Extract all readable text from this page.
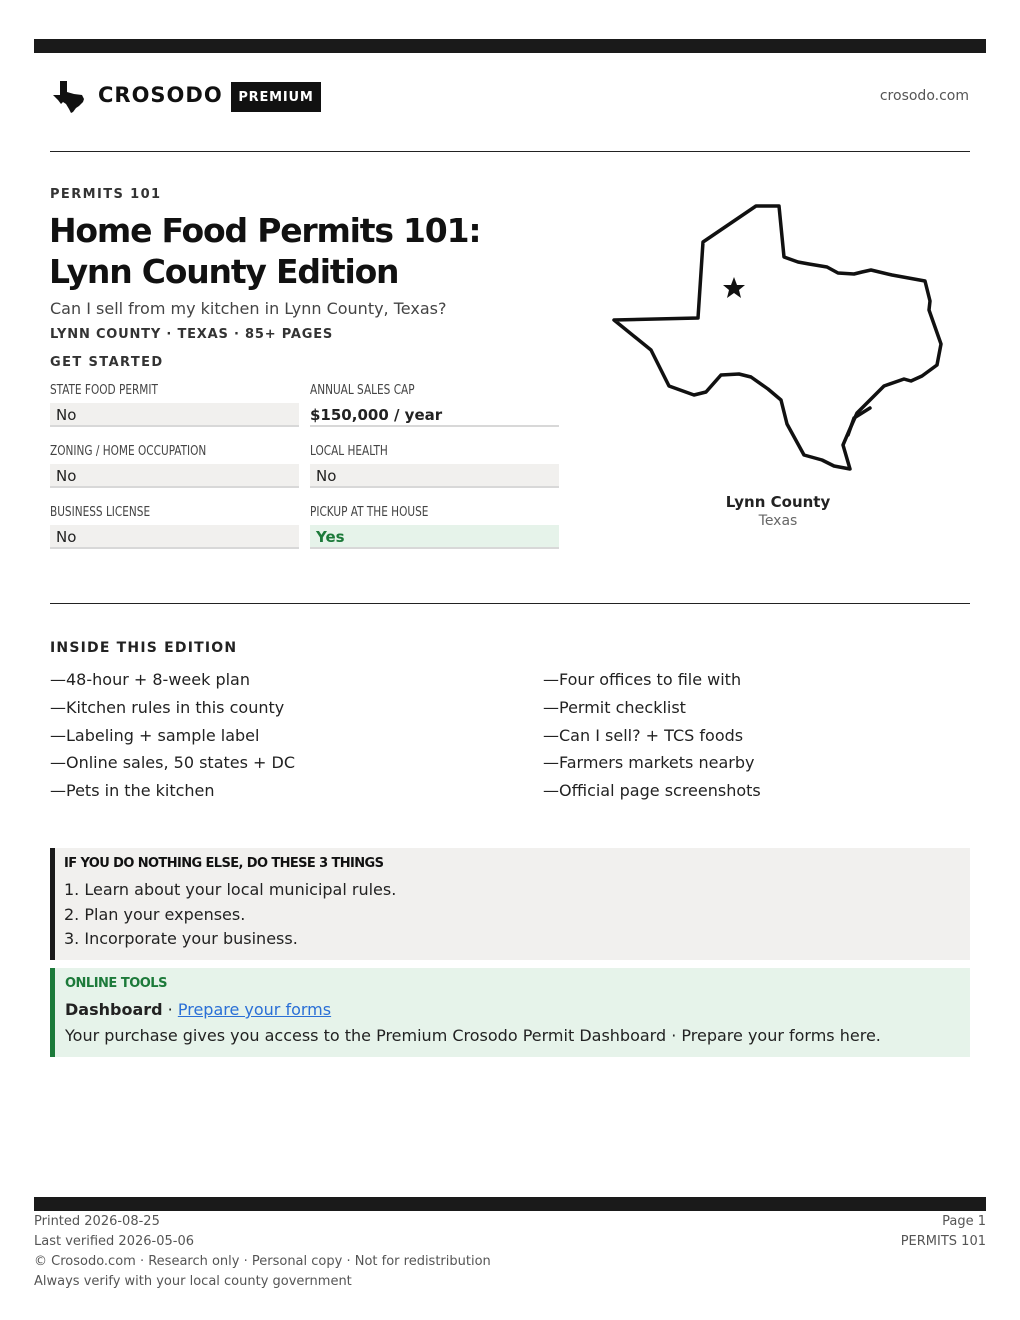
CROSODO	PREMIUM	crosodo.com
PERMITS 101
Home Food Permits 101: Lynn County Edition
Can I sell from my kitchen in Lynn County, Texas?
LYNN COUNTY · TEXAS · 85+ PAGES
GET STARTED
STATE FOOD PERMIT
No
ANNUAL SALES CAP
$150,000 / year
ZONING / HOME OCCUPATION
No
LOCAL HEALTH
No
BUSINESS LICENSE
No
PICKUP AT THE HOUSE
Yes
Lynn County
Texas
INSIDE THIS EDITION
—48-hour + 8-week plan
—Kitchen rules in this county
—Labeling + sample label
—Online sales, 50 states + DC
—Pets in the kitchen
—Four offices to file with
—Permit checklist
—Can I sell? + TCS foods
—Farmers markets nearby
—Official page screenshots
IF YOU DO NOTHING ELSE, DO THESE 3 THINGS
1. Learn about your local municipal rules.
2. Plan your expenses.
3. Incorporate your business.
ONLINE TOOLS
Dashboard · Prepare your forms
Your purchase gives you access to the Premium Crosodo Permit Dashboard · Prepare your forms here.
Printed 2026-08-25
Last verified 2026-05-06
© Crosodo.com · Research only · Personal copy · Not for redistribution
Always verify with your local county government
Page 1
PERMITS 101
